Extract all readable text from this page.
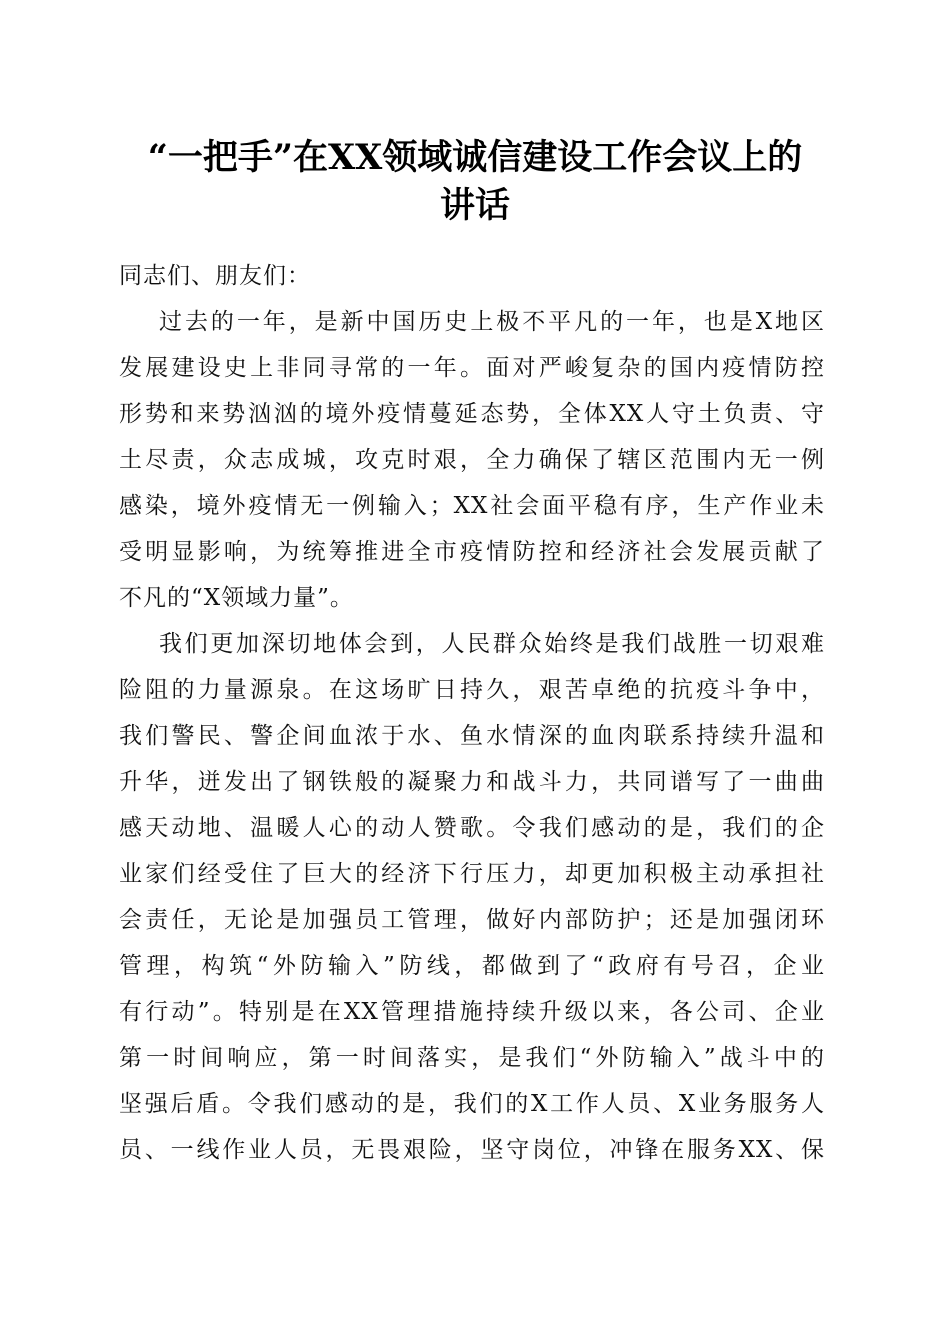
“一把手”在XX领域诚信建设工作会议上的
讲话
同志们、朋友们：
过去的一年，是新中国历史上极不平凡的一年，也是X地区
发展建设史上非同寻常的一年。面对严峻复杂的国内疫情防控
形势和来势汹汹的境外疫情蔓延态势，全体XX人守土负责、守
土尽责，众志成城，攻克时艰，全力确保了辖区范围内无一例
感染，境外疫情无一例输入；XX社会面平稳有序，生产作业未
受明显影响，为统筹推进全市疫情防控和经济社会发展贡献了
不凡的“X领域力量”。
我们更加深切地体会到，人民群众始终是我们战胜一切艰难
险阻的力量源泉。在这场旷日持久，艰苦卓绝的抗疫斗争中，
我们警民、警企间血浓于水、鱼水情深的血肉联系持续升温和
升华，迸发出了钢铁般的凝聚力和战斗力，共同谱写了一曲曲
感天动地、温暖人心的动人赞歌。令我们感动的是，我们的企
业家们经受住了巨大的经济下行压力，却更加积极主动承担社
会责任，无论是加强员工管理，做好内部防护；还是加强闭环
管理，构筑“外防输入”防线，都做到了“政府有号召，企业
有行动”。特别是在XX管理措施持续升级以来，各公司、企业
第一时间响应，第一时间落实，是我们“外防输入”战斗中的
坚强后盾。令我们感动的是，我们的X工作人员、X业务服务人
员、一线作业人员，无畏艰险，坚守岗位，冲锋在服务XX、保
